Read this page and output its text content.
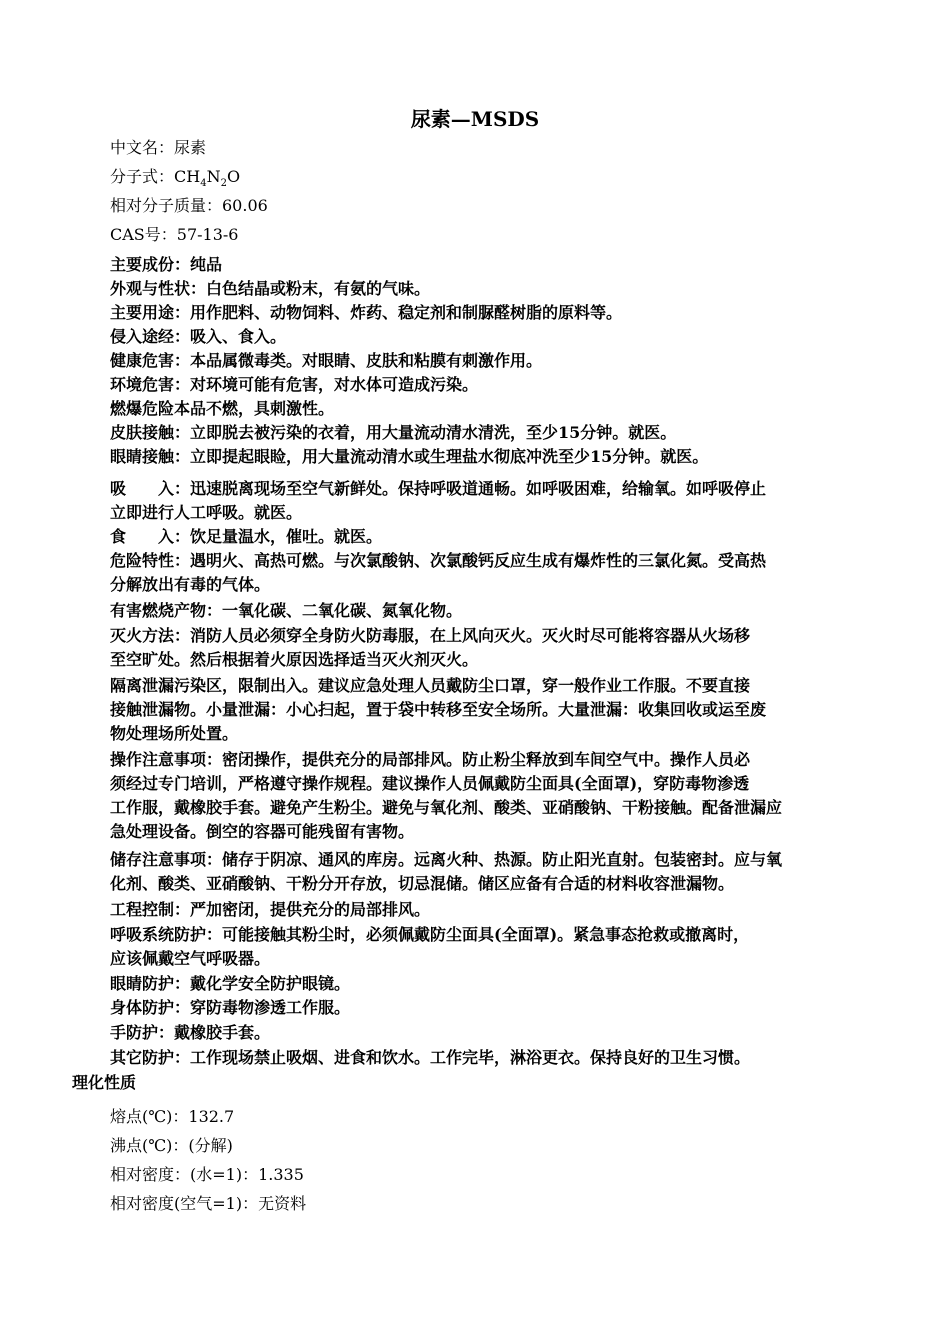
尿素—MSDS
中文名：尿素
分子式：$CH_4N_2O$
相对分子质量：60.06
CAS号：57-13-6
主要成份：纯品
外观与性状：白色结晶或粉末，有氨的气味。
主要用途：用作肥料、动物饲料、炸药、稳定剂和制脲醛树脂的原料等。
侵入途经：吸入、食入。
健康危害：本品属微毒类。对眼睛、皮肤和粘膜有刺激作用。
环境危害：对环境可能有危害，对水体可造成污染。
燃爆危险本品不燃，具刺激性。
皮肤接触：立即脱去被污染的衣着，用大量流动清水清洗，至少15分钟。就医。
眼睛接触：立即提起眼睑，用大量流动清水或生理盐水彻底冲洗至少15分钟。就医。
吸　　入：迅速脱离现场至空气新鲜处。保持呼吸道通畅。如呼吸困难，给输氧。如呼吸停止
立即进行人工呼吸。就医。
食　　入：饮足量温水，催吐。就医。
危险特性：遇明火、高热可燃。与次氯酸钠、次氯酸钙反应生成有爆炸性的三氯化氮。受高热
分解放出有毒的气体。
有害燃烧产物：一氧化碳、二氧化碳、氮氧化物。
灭火方法：消防人员必须穿全身防火防毒服，在上风向灭火。灭火时尽可能将容器从火场移
至空旷处。然后根据着火原因选择适当灭火剂灭火。
隔离泄漏污染区，限制出入。建议应急处理人员戴防尘口罩，穿一般作业工作服。不要直接
接触泄漏物。小量泄漏：小心扫起，置于袋中转移至安全场所。大量泄漏：收集回收或运至废
物处理场所处置。
操作注意事项：密闭操作，提供充分的局部排风。防止粉尘释放到车间空气中。操作人员必
须经过专门培训，严格遵守操作规程。建议操作人员佩戴防尘面具(全面罩)，穿防毒物渗透
工作服，戴橡胶手套。避免产生粉尘。避免与氧化剂、酸类、亚硝酸钠、干粉接触。配备泄漏应
急处理设备。倒空的容器可能残留有害物。
储存注意事项：储存于阴凉、通风的库房。远离火种、热源。防止阳光直射。包装密封。应与氧
化剂、酸类、亚硝酸钠、干粉分开存放，切忌混储。储区应备有合适的材料收容泄漏物。
工程控制：严加密闭，提供充分的局部排风。
呼吸系统防护：可能接触其粉尘时，必须佩戴防尘面具(全面罩)。紧急事态抢救或撤离时，
应该佩戴空气呼吸器。
眼睛防护：戴化学安全防护眼镜。
身体防护：穿防毒物渗透工作服。
手防护：戴橡胶手套。
其它防护：工作现场禁止吸烟、进食和饮水。工作完毕，淋浴更衣。保持良好的卫生习惯。
理化性质
熔点(℃)：132.7
沸点(℃)：(分解)
相对密度：(水=1)：1.335
相对密度(空气=1)：无资料
